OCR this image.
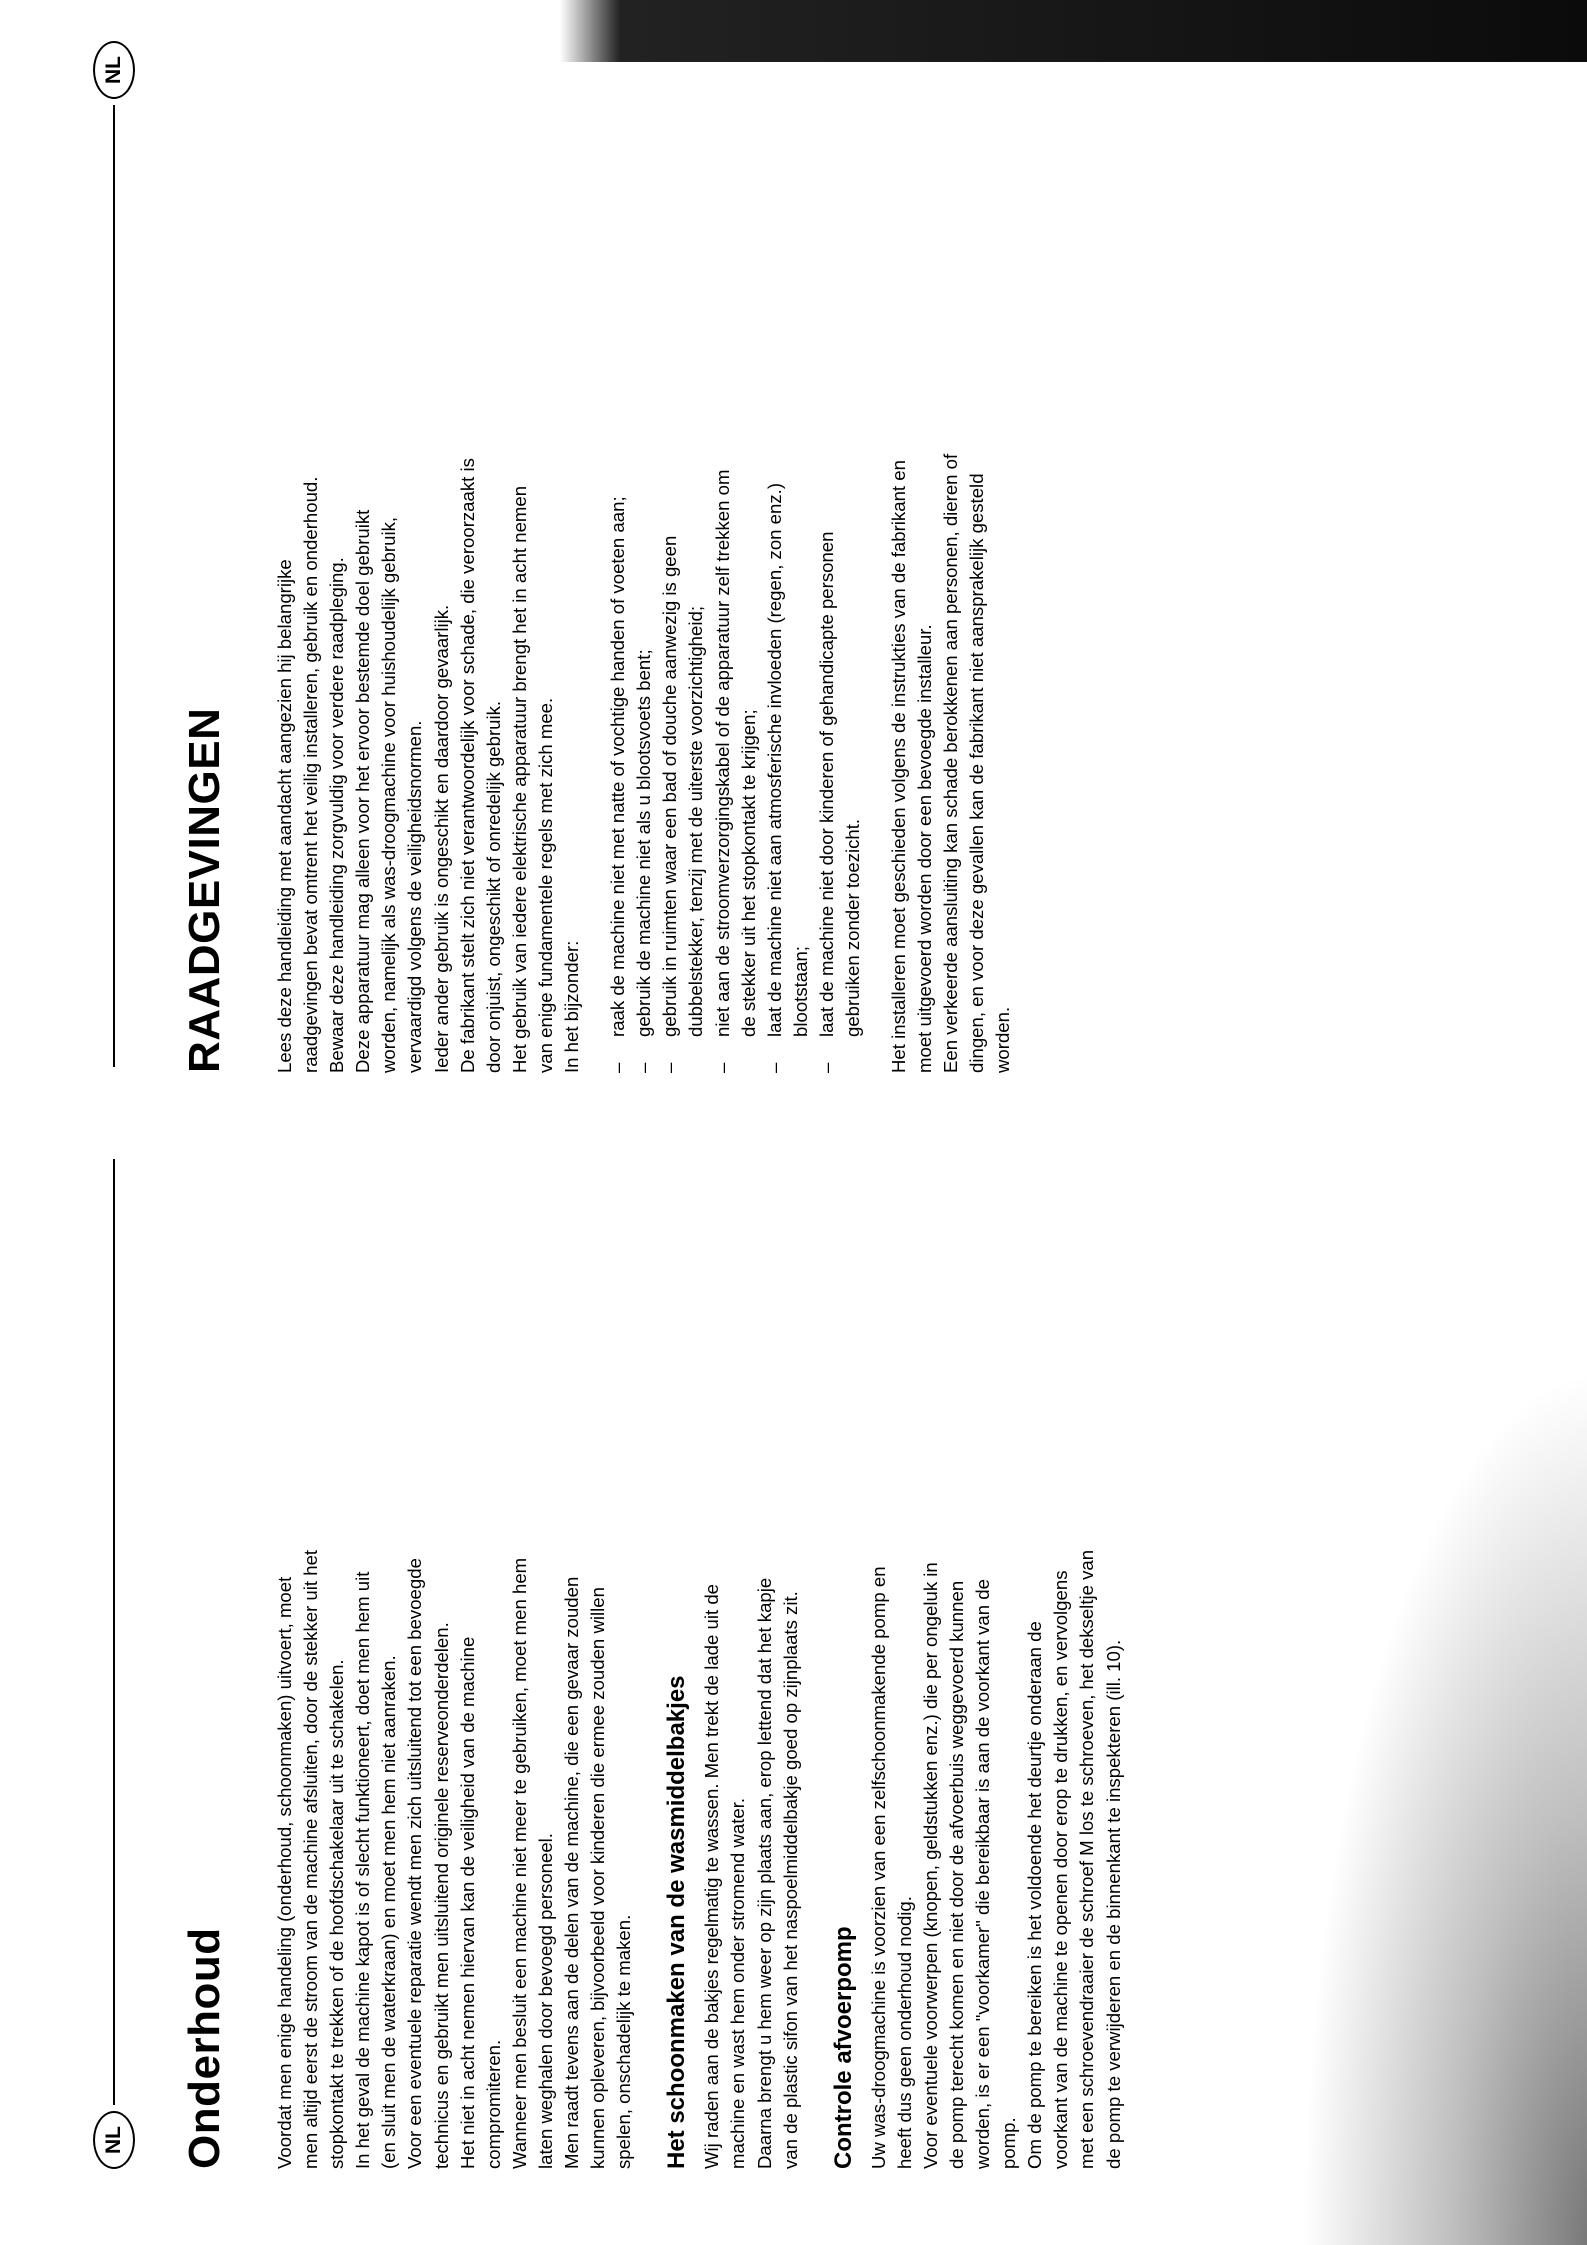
NL Onderhoud Voordat men enige handeling (onderhoud, schoonmaken) uitvoert, moet
men altijd eerst de stroom van de machine afsluiten, door de stekker uit het
stopkontakt te trekken of de hoofdschakelaar uit te schakelen.
In het geval de machine kapot is of slecht funktioneert, doet men hem uit
(en sluit men de waterkraan) en moet men hem niet aanraken.
Voor een eventuele reparatie wendt men zich uitsluitend tot een bevoegde
technicus en gebruikt men uitsluitend originele reserveonderdelen.
Het niet in acht nemen hiervan kan de veiligheid van de machine
compromiteren.
Wanneer men besluit een machine niet meer te gebruiken, moet men hem
laten weghalen door bevoegd personeel.
Men raadt tevens aan de delen van de machine, die een gevaar zouden
kunnen opleveren, bijvoorbeeld voor kinderen die ermee zouden willen
spelen, onschadelijk te maken. Het schoonmaken van de wasmiddelbakjes Wij raden aan de bakjes regelmatig te wassen. Men trekt de lade uit de
machine en wast hem onder stromend water.
Daarna brengt u hem weer op zijn plaats aan, erop lettend dat het kapje
van de plastic sifon van het naspoelmiddelbakje goed op zijnplaats zit.

Controle afvoerpomp Uw was-droogmachine is voorzien van een zelfschoonmakende pomp en
heeft dus geen onderhoud nodig.
Voor eventuele voorwerpen (knopen, geldstukken enz.) die per ongeluk in
de pomp terecht komen en niet door de afvoerbuis weggevoerd kunnen
worden, is er een "voorkamer" die bereikbaar is aan de voorkant van de
pomp. Om de pomp te bereiken is het voldoende het deurtje onderaan de
voorkant van de machine te openen door erop te drukken, en vervolgens
met een schroevendraaier de schroef M los te schroeven, het dekseltje van
de pomp te verwijderen en de binnenkant te inspekteren (ill. 10).

NL
RAADGEVINGEN Lees deze handleiding met aandacht aangezien hij belangrijke
raadgevingen bevat omtrent het veilig installeren, gebruik en onderhoud.
Bewaar deze handleiding zorgvuldig voor verdere raadpleging.
Deze apparatuur mag alleen voor het ervoor bestemde doel gebruikt
worden, namelijk als was-droogmachine voor huishoudelijk gebruik,
vervaardigd volgens de veiligheidsnormen.
Ieder ander gebruik is ongeschikt en daardoor gevaarlijk.
De fabrikant stelt zich niet verantwoordelijk voor schade, die veroorzaakt is
door onjuist, ongeschikt of onredelijk gebruik.
Het gebruik van iedere elektrische apparatuur brengt het in acht nemen
van enige fundamentele regels met zich mee.
In het bijzonder:

–
raak de machine niet met natte of vochtige handen of voeten aan;
–
gebruik de machine niet als u blootsvoets bent;
–
gebruik in ruimten waar een bad of douche aanwezig is geen
dubbelstekker, tenzij met de uiterste voorzichtigheid;
–
niet aan de stroomverzorgingskabel of de apparatuur zelf trekken om
de stekker uit het stopkontakt te krijgen;
–
laat de machine niet aan atmosferische invloeden (regen, zon enz.)
blootstaan;
–
laat de machine niet door kinderen of gehandicapte personen
gebruiken zonder toezicht.

Het installeren moet geschieden volgens de instrukties van de fabrikant en
moet uitgevoerd worden door een bevoegde installeur.
Een verkeerde aansluiting kan schade berokkenen aan personen, dieren of
dingen, en voor deze gevallen kan de fabrikant niet aansprakelijk gesteld
worden.
